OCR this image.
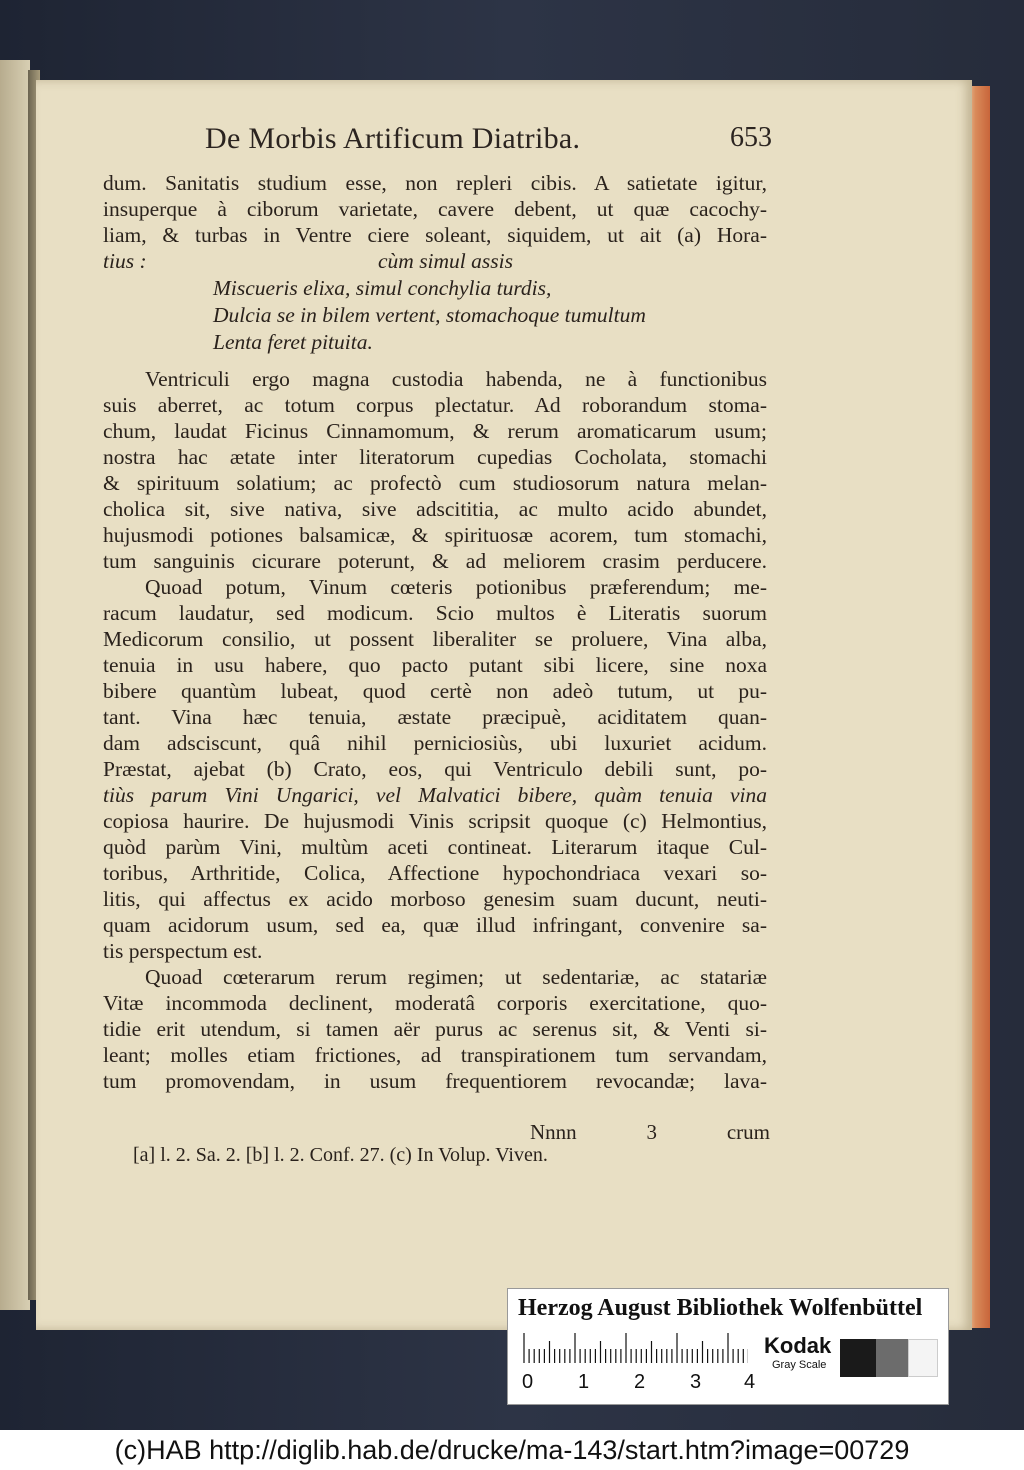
De Morbis Artificum Diatriba.	653
dum. Sanitatis studium esse, non repleri cibis. A satietate igitur,
insuperque à ciborum varietate, cavere debent, ut quæ cacochy-
liam, & turbas in Ventre ciere soleant, siquidem, ut ait (a) Hora-
tius :	cùm simul assis
Miscueris elixa, simul conchylia turdis,
Dulcia se in bilem vertent, stomachoque tumultum
Lenta feret pituita.
Ventriculi ergo magna custodia habenda, ne à functionibus
suis aberret, ac totum corpus plectatur. Ad roborandum stoma-
chum, laudat Ficinus Cinnamomum, & rerum aromaticarum usum;
nostra hac ætate inter literatorum cupedias Cocholata, stomachi
& spirituum solatium; ac profectò cum studiosorum natura melan-
cholica sit, sive nativa, sive adscititia, ac multo acido abundet,
hujusmodi potiones balsamicæ, & spirituosæ acorem, tum stomachi,
tum sanguinis cicurare poterunt, & ad meliorem crasim perducere.
Quoad potum, Vinum cœteris potionibus præferendum; me-
racum laudatur, sed modicum. Scio multos è Literatis suorum
Medicorum consilio, ut possent liberaliter se proluere, Vina alba,
tenuia in usu habere, quo pacto putant sibi licere, sine noxa
bibere quantùm lubeat, quod certè non adeò tutum, ut pu-
tant. Vina hæc tenuia, æstate præcipuè, aciditatem quan-
dam adsciscunt, quâ nihil perniciosiùs, ubi luxuriet acidum.
Præstat, ajebat (b) Crato, eos, qui Ventriculo debili sunt, po-
tiùs parum Vini Ungarici, vel Malvatici bibere, quàm tenuia vina
copiosa haurire. De hujusmodi Vinis scripsit quoque (c) Helmontius,
quòd parùm Vini, multùm aceti contineat. Literarum itaque Cul-
toribus, Arthritide, Colica, Affectione hypochondriaca vexari so-
litis, qui affectus ex acido morboso genesim suam ducunt, neuti-
quam acidorum usum, sed ea, quæ illud infringant, convenire sa-
tis perspectum est.
Quoad cœterarum rerum regimen; ut sedentariæ, ac statariæ
Vitæ incommoda declinent, moderatâ corporis exercitatione, quo-
tidie erit utendum, si tamen aër purus ac serenus sit, & Venti si-
leant; molles etiam frictiones, ad transpirationem tum servandam,
tum promovendam, in usum frequentiorem revocandæ; lava-
Nnnn	3	crum
[a] l. 2. Sa. 2. [b] l. 2. Conf. 27. (c) In Volup. Viven.
Herzog August Bibliothek Wolfenbüttel
0 1 2 3 4
Kodak
Gray Scale
(c)HAB http://diglib.hab.de/drucke/ma-143/start.htm?image=00729
